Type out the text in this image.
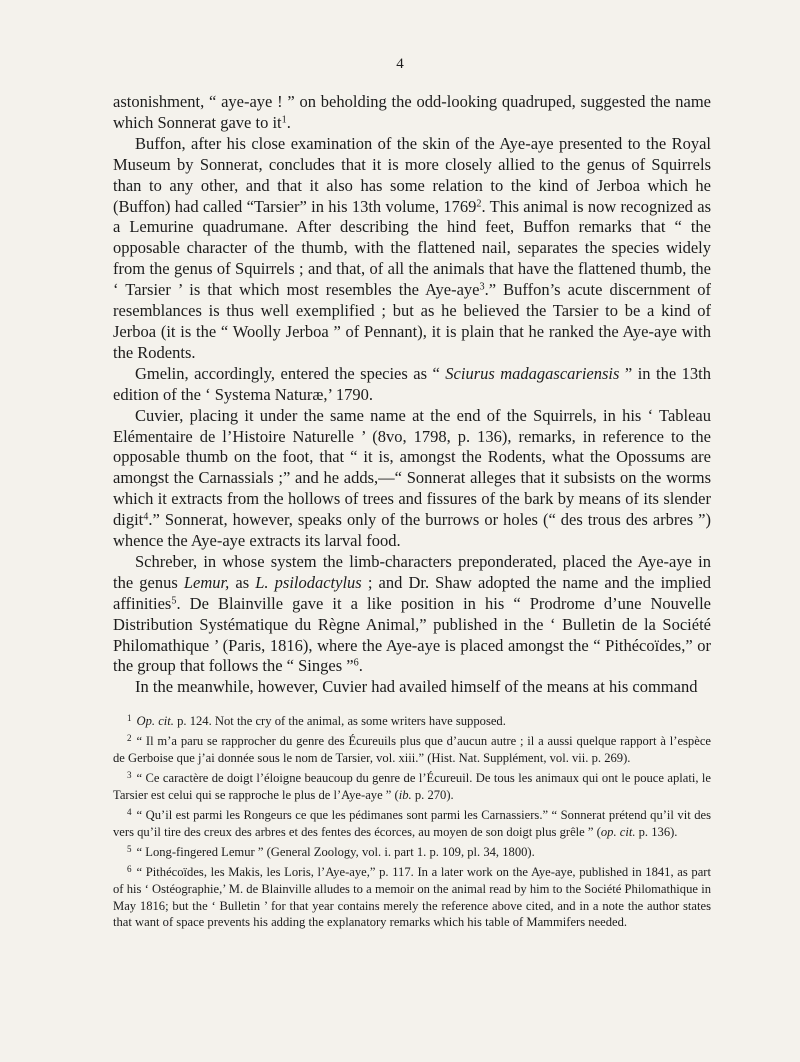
4

astonishment, “ aye-aye ! ” on beholding the odd-looking quadruped, suggested the name which Sonnerat gave to $it^1$.

Buffon, after his close examination of the skin of the Aye-aye presented to the Royal Museum by Sonnerat, concludes that it is more closely allied to the genus of Squirrels than to any other, and that it also has some relation to the kind of Jerboa which he (Buffon) had called “Tarsier” in his 13th volume, 1769$^2$. This animal is now recognized as a Lemurine quadrumane. After describing the hind feet, Buffon remarks that “ the opposable character of the thumb, with the flattened nail, separates the species widely from the genus of Squirrels ; and that, of all the animals that have the flattened thumb, the ‘ Tarsier ’ is that which most resembles the Aye-aye$^3$.” Buffon’s acute discernment of resemblances is thus well exemplified ; but as he believed the Tarsier to be a kind of Jerboa (it is the “ Woolly Jerboa ” of Pennant), it is plain that he ranked the Aye-aye with the Rodents.

Gmelin, accordingly, entered the species as “ Sciurus madagascariensis ” in the 13th edition of the ‘ Systema Naturæ,’ 1790.

Cuvier, placing it under the same name at the end of the Squirrels, in his ‘ Tableau Elémentaire de l’Histoire Naturelle ’ (8vo, 1798, p. 136), remarks, in reference to the opposable thumb on the foot, that “ it is, amongst the Rodents, what the Opossums are amongst the Carnassials ;” and he adds,—“ Sonnerat alleges that it subsists on the worms which it extracts from the hollows of trees and fissures of the bark by means of its slender digit$^4$.” Sonnerat, however, speaks only of the burrows or holes (“ des trous des arbres ”) whence the Aye-aye extracts its larval food.

Schreber, in whose system the limb-characters preponderated, placed the Aye-aye in the genus Lemur, as L. psilodactylus ; and Dr. Shaw adopted the name and the implied affinities$^5$. De Blainville gave it a like position in his “ Prodrome d’une Nouvelle Distribution Systématique du Règne Animal,” published in the ‘ Bulletin de la Société Philomathique ’ (Paris, 1816), where the Aye-aye is placed amongst the “ Pithécoïdes,” or the group that follows the “ Singes ”$^6$.

In the meanwhile, however, Cuvier had availed himself of the means at his command

$^1$ Op. cit. p. 124. Not the cry of the animal, as some writers have supposed.

$^2$ “ Il m’a paru se rapprocher du genre des Écureuils plus que d’aucun autre ; il a aussi quelque rapport à l’espèce de Gerboise que j’ai donnée sous le nom de Tarsier, vol. xiii.” (Hist. Nat. Supplément, vol. vii. p. 269).

$^3$ “ Ce caractère de doigt l’éloigne beaucoup du genre de l’Écureuil. De tous les animaux qui ont le pouce aplati, le Tarsier est celui qui se rapproche le plus de l’Aye-aye ” (ib. p. 270).

$^4$ “ Qu’il est parmi les Rongeurs ce que les pédimanes sont parmi les Carnassiers.” “ Sonnerat prétend qu’il vit des vers qu’il tire des creux des arbres et des fentes des écorces, au moyen de son doigt plus grêle ” (op. cit. p. 136).

$^5$ “ Long-fingered Lemur ” (General Zoology, vol. i. part 1. p. 109, pl. 34, 1800).

$^6$ “ Pithécoïdes, les Makis, les Loris, l’Aye-aye,” p. 117. In a later work on the Aye-aye, published in 1841, as part of his ‘ Ostéographie,’ M. de Blainville alludes to a memoir on the animal read by him to the Société Philomathique in May 1816; but the ‘ Bulletin ’ for that year contains merely the reference above cited, and in a note the author states that want of space prevents his adding the explanatory remarks which his table of Mammifers needed.
